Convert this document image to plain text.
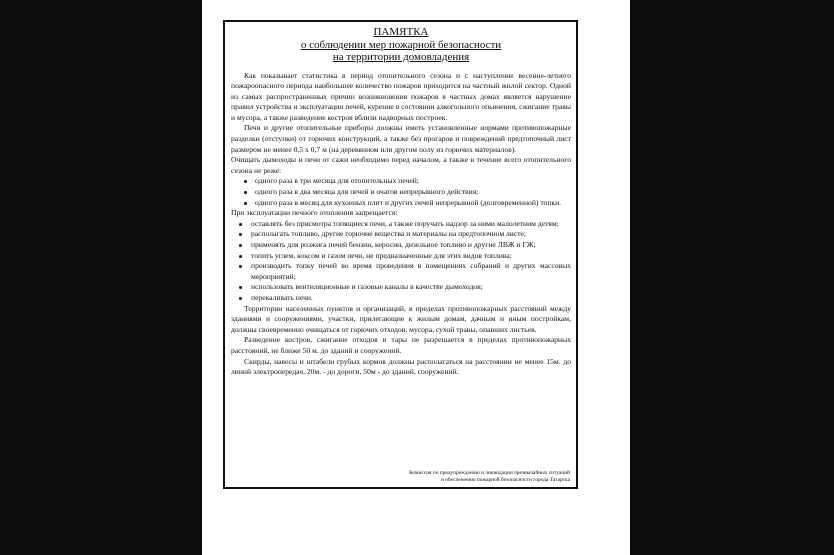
ПАМЯТКА
о соблюдении мер пожарной безопасности
на территории домовладения

Как показывает статистика в период отопительного сезона и с наступление весенне-летнего пожароопасного периода наибольшее количество пожаров приходится на частный жилой сектор. Одной из самых распространенных причин возникновения пожаров в частных домах является нарушение правил устройства и эксплуатации печей, курение в состоянии алкогольного опьянения, сжигание травы и мусора, а также разведение костров вблизи надворных построек.

Печи и другие отопительные приборы должны иметь установленные нормами противопожарные разделки (отступки) от горючих конструкций, а также без прогаров и повреждений предтопочный лист размером не менее 0,5 х 0,7 м (на деревянном или другом полу из горючих материалов).

Очищать дымоходы и печи от сажи необходимо перед началом, а также в течение всего отопительного сезона не реже:

одного раза в три месяца для отопительных печей;
одного раза в два месяца для печей и очагов непрерывного действия;
одного раза в месяц для кухонных плит и других печей непрерывной (долговременной) топки.

При эксплуатации печного отопления запрещается:

оставлять без присмотра топящиеся печи, а также поручать надзор за ними малолетним детям;
располагать топливо, другие горючие вещества и материалы на предтопочном листе;
применять для розжига печей бензин, керосин, дизельное топливо и другие ЛВЖ и ГЖ;
топить углем, коксом и газом печи, не предназначенные для этих видов топлива;
производить топку печей во время проведения в помещениях собраний и других массовых мероприятий;
использовать вентиляционные и газовые каналы в качестве дымоходов;
перекаливать печи.

Территории населенных пунктов и организаций, в пределах противопожарных расстояний между зданиями и сооружениями, участки, прилегающие к жилым домам, дачным и иным постройкам, должны своевременно очищаться от горючих отходов, мусора, сухой травы, опавших листьев.

Разведение костров, сжигание отходов и тары не разрешается в пределах противопожарных расстояний, не ближе 50 м. до зданий и сооружений.

Скирды, навесы и штабели грубых кормов должны располагаться на расстоянии не менее 15м. до линий электропередач, 20м. - до дороги, 50м - до зданий, сооружений.

Комиссия по предупреждению и ликвидации чрезвычайных ситуаций
и обеспечению пожарной безопасности города Татарска
